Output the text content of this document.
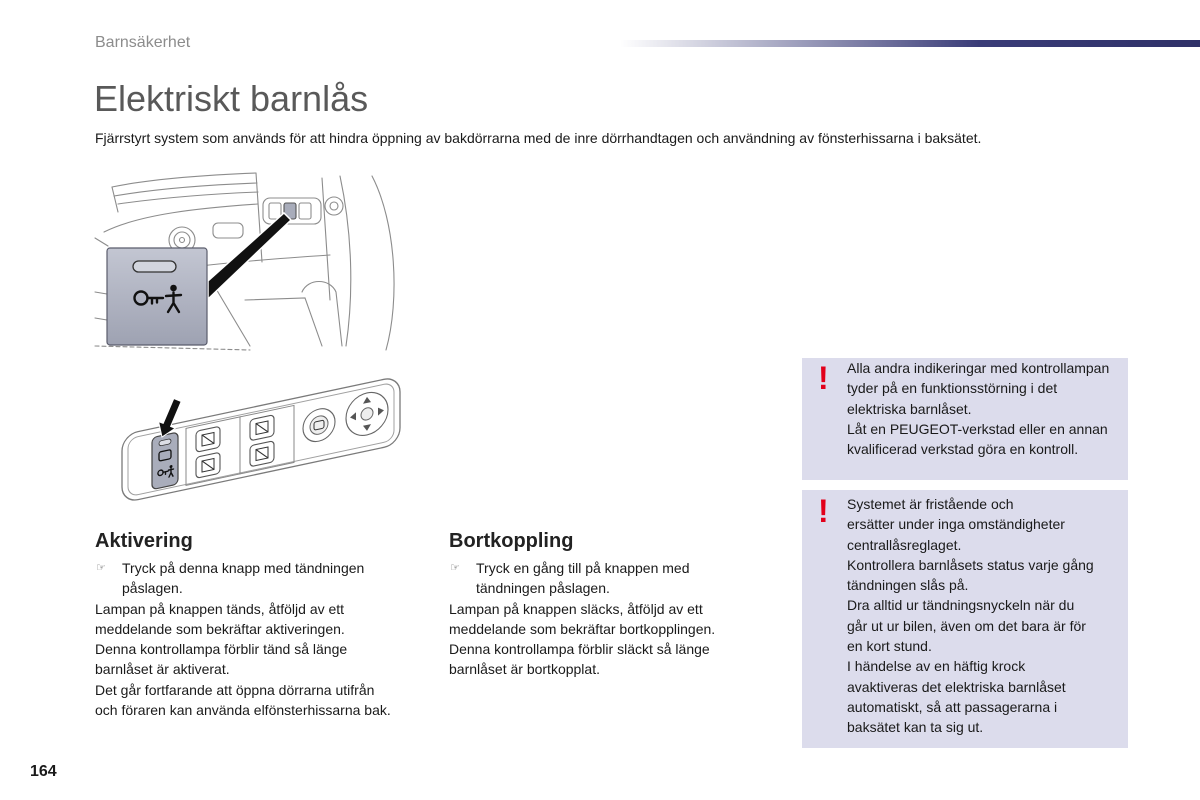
Barnsäkerhet
Elektriskt barnlås
Fjärrstyrt system som används för att hindra öppning av bakdörrarna med de inre dörrhandtagen och användning av fönsterhissarna i baksätet.
Aktivering
☞ Tryck på denna knapp med tändningen
påslagen.
Lampan på knappen tänds, åtföljd av ett
meddelande som bekräftar aktiveringen.
Denna kontrollampa förblir tänd så länge
barnlåset är aktiverat.
Det går fortfarande att öppna dörrarna utifrån
och föraren kan använda elfönsterhissarna bak.
Bortkoppling
☞ Tryck en gång till på knappen med
tändningen påslagen.
Lampan på knappen släcks, åtföljd av ett
meddelande som bekräftar bortkopplingen.
Denna kontrollampa förblir släckt så länge
barnlåset är bortkopplat.
! Alla andra indikeringar med kontrollampan
tyder på en funktionsstörning i det
elektriska barnlåset.
Låt en PEUGEOT-verkstad eller en annan
kvalificerad verkstad göra en kontroll.
! Systemet är fristående och
ersätter under inga omständigheter
centrallåsreglaget.
Kontrollera barnlåsets status varje gång
tändningen slås på.
Dra alltid ur tändningsnyckeln när du
går ut ur bilen, även om det bara är för
en kort stund.
I händelse av en häftig krock
avaktiveras det elektriska barnlåset
automatiskt, så att passagerarna i
baksätet kan ta sig ut.
164
